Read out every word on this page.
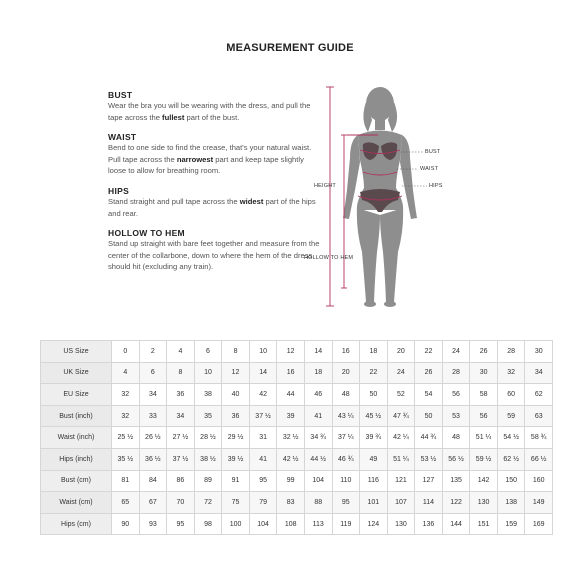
MEASUREMENT GUIDE
BUST
Wear the bra you will be wearing with the dress, and pull the tape across the fullest part of the bust.
WAIST
Bend to one side to find the crease, that's your natural waist. Pull tape across the narrowest part and keep tape slightly loose to allow for breathing room.
HIPS
Stand straight and pull tape across the widest part of the hips and rear.
HOLLOW TO HEM
Stand up straight with bare feet together and measure from the center of the collarbone, down to where the hem of the dress should hit (excluding any train).
BUST
WAIST
HIPS
HEIGHT
HOLLOW TO HEM
US Size	0	2	4	6	8	10	12	14	16	18	20	22	24	26	28	30
UK Size	4	6	8	10	12	14	16	18	20	22	24	26	28	30	32	34
EU Size	32	34	36	38	40	42	44	46	48	50	52	54	56	58	60	62
Bust (inch)	32	33	34	35	36	37 ½	39	41	43 ¼	45 ½	47 ¾	50	53	56	59	63
Waist (inch)	25 ½	26 ½	27 ½	28 ½	29 ½	31	32 ½	34 ¾	37 ¼	39 ¾	42 ¼	44 ¾	48	51 ¼	54 ½	58 ¾
Hips (inch)	35 ½	36 ½	37 ½	38 ½	39 ½	41	42 ½	44 ½	46 ¾	49	51 ¼	53 ½	56 ½	59 ½	62 ½	66 ½
Bust (cm)	81	84	86	89	91	95	99	104	110	116	121	127	135	142	150	160
Waist (cm)	65	67	70	72	75	79	83	88	95	101	107	114	122	130	138	149
Hips (cm)	90	93	95	98	100	104	108	113	119	124	130	136	144	151	159	169
